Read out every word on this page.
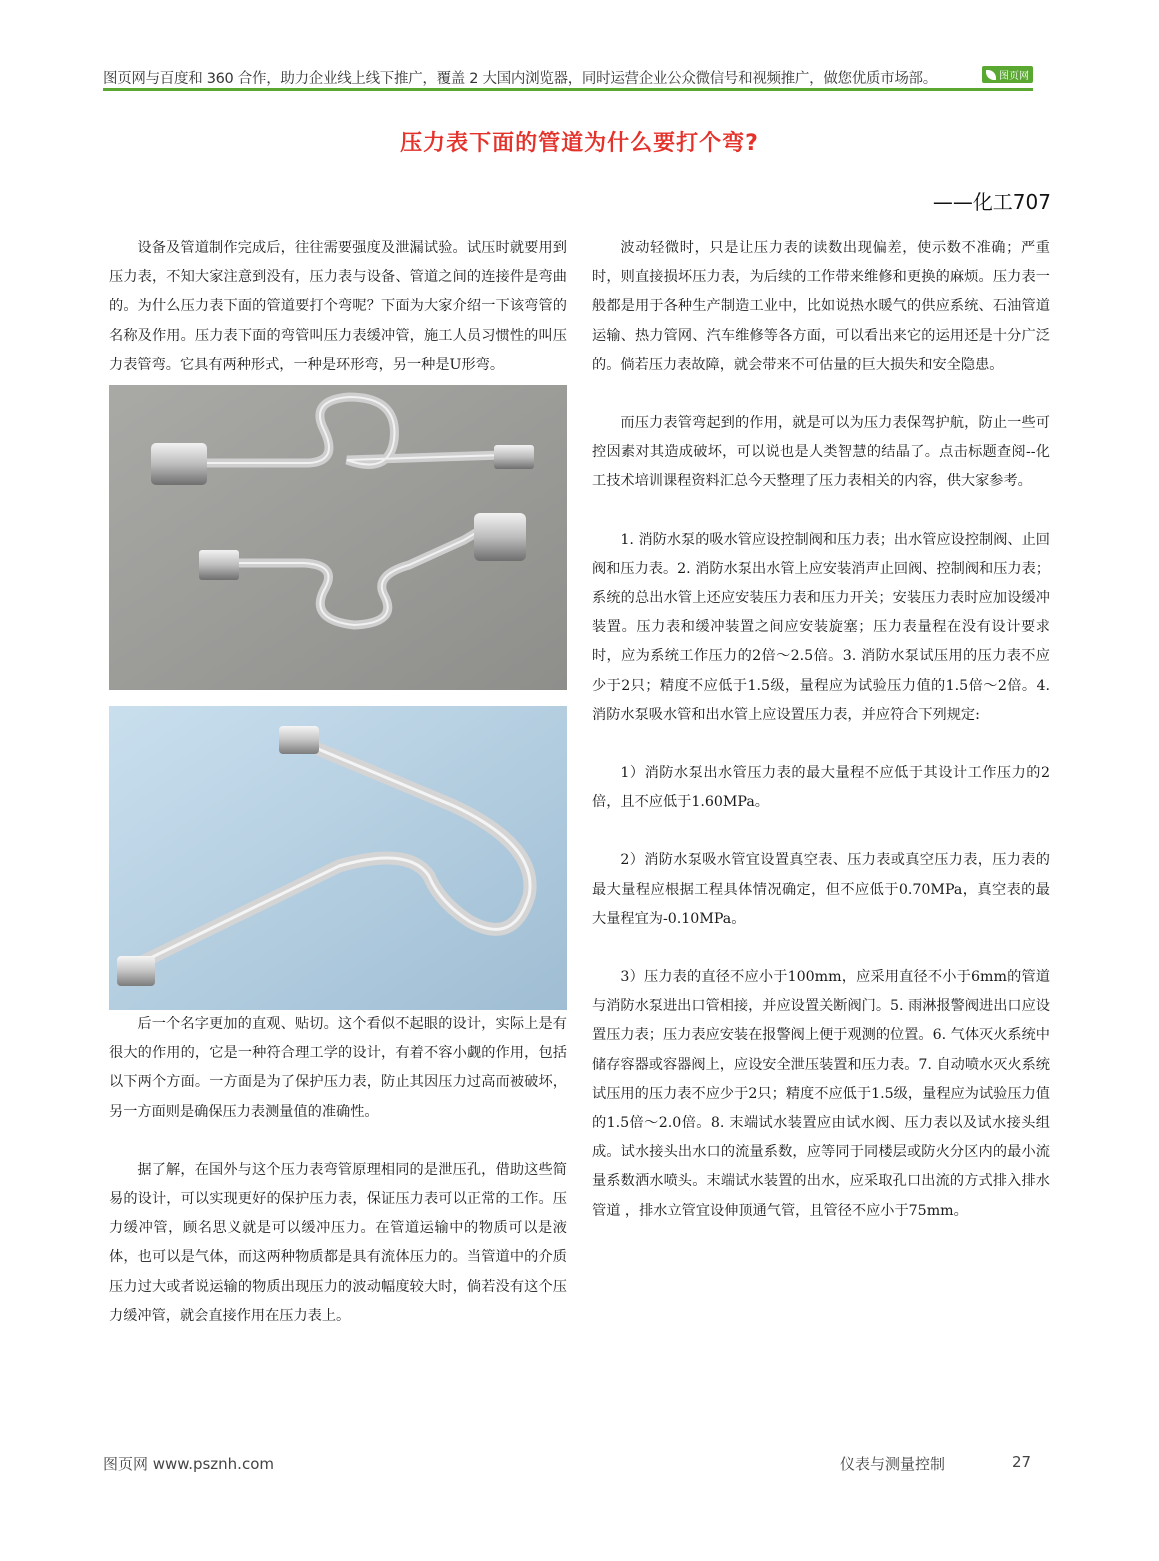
图页网与百度和 360 合作，助力企业线上线下推广，覆盖 2 大国内浏览器，同时运营企业公众微信号和视频推广，做您优质市场部。	图页网
压力表下面的管道为什么要打个弯?
——化工707

设备及管道制作完成后，往往需要强度及泄漏试验。试压时就要用到压力表，不知大家注意到没有，压力表与设备、管道之间的连接件是弯曲的。为什么压力表下面的管道要打个弯呢？下面为大家介绍一下该弯管的名称及作用。压力表下面的弯管叫压力表缓冲管，施工人员习惯性的叫压力表管弯。它具有两种形式，一种是环形弯，另一种是U形弯。

后一个名字更加的直观、贴切。这个看似不起眼的设计，实际上是有很大的作用的，它是一种符合理工学的设计，有着不容小觑的作用，包括以下两个方面。一方面是为了保护压力表，防止其因压力过高而被破坏，另一方面则是确保压力表测量值的准确性。

据了解，在国外与这个压力表弯管原理相同的是泄压孔，借助这些简易的设计，可以实现更好的保护压力表，保证压力表可以正常的工作。压力缓冲管，顾名思义就是可以缓冲压力。在管道运输中的物质可以是液体，也可以是气体，而这两种物质都是具有流体压力的。当管道中的介质压力过大或者说运输的物质出现压力的波动幅度较大时，倘若没有这个压力缓冲管，就会直接作用在压力表上。

波动轻微时，只是让压力表的读数出现偏差，使示数不准确；严重时，则直接损坏压力表，为后续的工作带来维修和更换的麻烦。压力表一般都是用于各种生产制造工业中，比如说热水暖气的供应系统、石油管道运输、热力管网、汽车维修等各方面，可以看出来它的运用还是十分广泛的。倘若压力表故障，就会带来不可估量的巨大损失和安全隐患。

而压力表管弯起到的作用，就是可以为压力表保驾护航，防止一些可控因素对其造成破坏，可以说也是人类智慧的结晶了。点击标题查阅--化工技术培训课程资料汇总今天整理了压力表相关的内容，供大家参考。

1. 消防水泵的吸水管应设控制阀和压力表；出水管应设控制阀、止回阀和压力表。2. 消防水泵出水管上应安装消声止回阀、控制阀和压力表；系统的总出水管上还应安装压力表和压力开关；安装压力表时应加设缓冲装置。压力表和缓冲装置之间应安装旋塞；压力表量程在没有设计要求时，应为系统工作压力的2倍～2.5倍。3. 消防水泵试压用的压力表不应少于2只；精度不应低于1.5级，量程应为试验压力值的1.5倍～2倍。4. 消防水泵吸水管和出水管上应设置压力表，并应符合下列规定:

1）消防水泵出水管压力表的最大量程不应低于其设计工作压力的2倍，且不应低于1.60MPa。

2）消防水泵吸水管宜设置真空表、压力表或真空压力表，压力表的最大量程应根据工程具体情况确定，但不应低于0.70MPa，真空表的最大量程宜为-0.10MPa。

3）压力表的直径不应小于100mm，应采用直径不小于6mm的管道与消防水泵进出口管相接，并应设置关断阀门。5. 雨淋报警阀进出口应设置压力表；压力表应安装在报警阀上便于观测的位置。6. 气体灭火系统中储存容器或容器阀上，应设安全泄压装置和压力表。7. 自动喷水灭火系统试压用的压力表不应少于2只；精度不应低于1.5级，量程应为试验压力值的1.5倍～2.0倍。8. 末端试水装置应由试水阀、压力表以及试水接头组成。试水接头出水口的流量系数，应等同于同楼层或防火分区内的最小流量系数洒水喷头。末端试水装置的出水，应采取孔口出流的方式排入排水管道 ，排水立管宜设伸顶通气管，且管径不应小于75mm。

图页网 www.psznh.com	仪表与测量控制	27
